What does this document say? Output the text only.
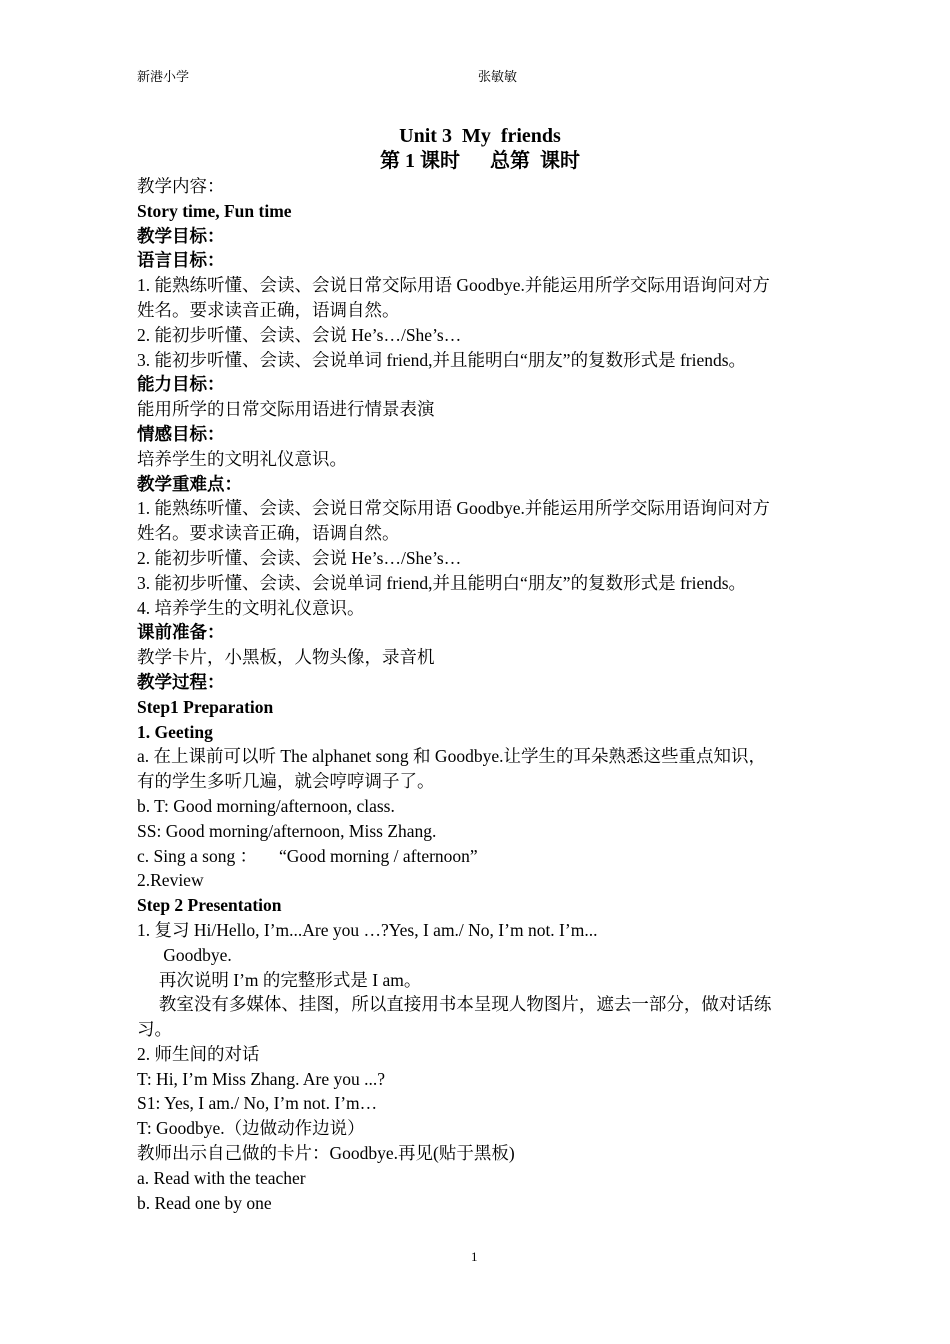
新港小学	张敏敏
Unit 3  My  friends
第 1 课时      总第  课时
教学内容：
Story time, Fun time
教学目标：
语言目标：
1. 能熟练听懂、会读、会说日常交际用语 Goodbye.并能运用所学交际用语询问对方
姓名。要求读音正确，语调自然。
2. 能初步听懂、会读、会说 He’s…/She’s…
3. 能初步听懂、会读、会说单词 friend,并且能明白“朋友”的复数形式是 friends。
能力目标：
能用所学的日常交际用语进行情景表演
情感目标：
培养学生的文明礼仪意识。
教学重难点：
1. 能熟练听懂、会读、会说日常交际用语 Goodbye.并能运用所学交际用语询问对方
姓名。要求读音正确，语调自然。
2. 能初步听懂、会读、会说 He’s…/She’s…
3. 能初步听懂、会读、会说单词 friend,并且能明白“朋友”的复数形式是 friends。
4. 培养学生的文明礼仪意识。
课前准备：
教学卡片，小黑板，人物头像，录音机
教学过程：
Step1 Preparation
1. Geeting
a. 在上课前可以听 The alphanet song 和 Goodbye.让学生的耳朵熟悉这些重点知识，
有的学生多听几遍，就会哼哼调子了。
b. T: Good morning/afternoon, class.
SS: Good morning/afternoon, Miss Zhang.
c. Sing a song ：     “Good morning / afternoon”
2.Review
Step 2 Presentation
1. 复习 Hi/Hello, I’m...Are you …?Yes, I am./ No, I’m not. I’m...
Goodbye.
再次说明 I’m 的完整形式是 I am。
教室没有多媒体、挂图，所以直接用书本呈现人物图片，遮去一部分，做对话练
习。
2. 师生间的对话
T: Hi, I’m Miss Zhang. Are you ...?
S1: Yes, I am./ No, I’m not. I’m…
T: Goodbye.（边做动作边说）
教师出示自己做的卡片：Goodbye.再见(贴于黑板)
a. Read with the teacher
b. Read one by one
1
